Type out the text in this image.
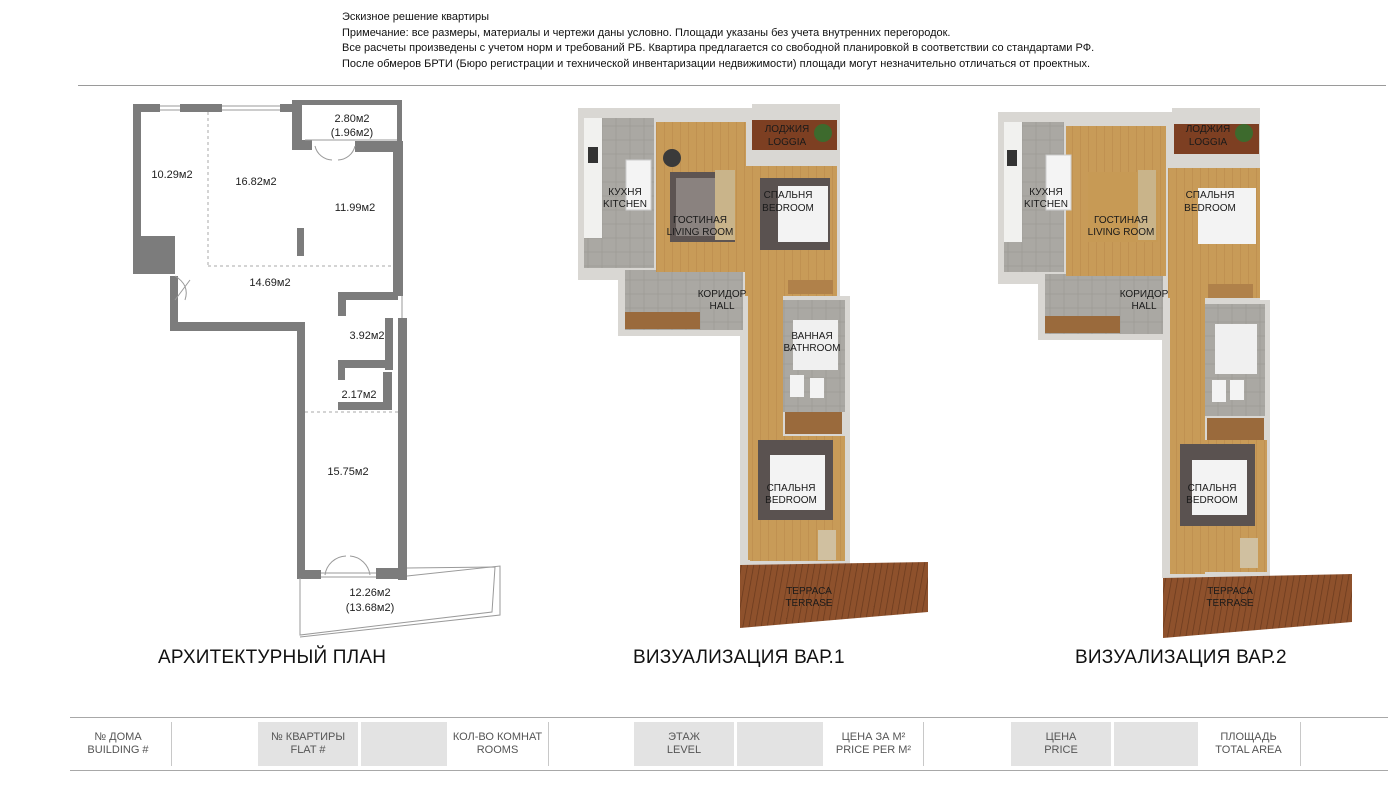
Эскизное решение квартиры
Примечание: все размеры, материалы и чертежи даны условно. Площади указаны без учета внутренних перегородок.
Все расчеты произведены с учетом норм и требований РБ. Квартира предлагается со свободной планировкой в соответствии со стандартами РФ.
После обмеров БРТИ (Бюро регистрации и технической инвентаризации недвижимости) площади могут незначительно отличаться от проектных.
2.80м2
(1.96м2)
10.29м2
16.82м2
11.99м2
14.69м2
3.92м2
2.17м2
15.75м2
12.26м2
(13.68м2)
ЛОДЖИЯ
LOGGIA
КУХНЯ
KITCHEN
ГОСТИНАЯ
LIVING ROOM
СПАЛЬНЯ
BEDROOM
КОРИДОР
HALL
ВАННАЯ
BATHROOM
СПАЛЬНЯ
BEDROOM
ТЕРРАСА
TERRASE
ЛОДЖИЯ
LOGGIA
КУХНЯ
KITCHEN
ГОСТИНАЯ
LIVING ROOM
СПАЛЬНЯ
BEDROOM
КОРИДОР
HALL
СПАЛЬНЯ
BEDROOM
ТЕРРАСА
TERRASE
АРХИТЕКТУРНЫЙ ПЛАН	ВИЗУАЛИЗАЦИЯ ВАР.1	ВИЗУАЛИЗАЦИЯ ВАР.2
№ ДОМА
BUILDING #
№ КВАРТИРЫ
FLAT #
КОЛ-ВО КОМНАТ
ROOMS
ЭТАЖ
LEVEL
ЦЕНА ЗА М²
PRICE PER М²
ЦЕНА
PRICE
ПЛОЩАДЬ
TOTAL AREA
